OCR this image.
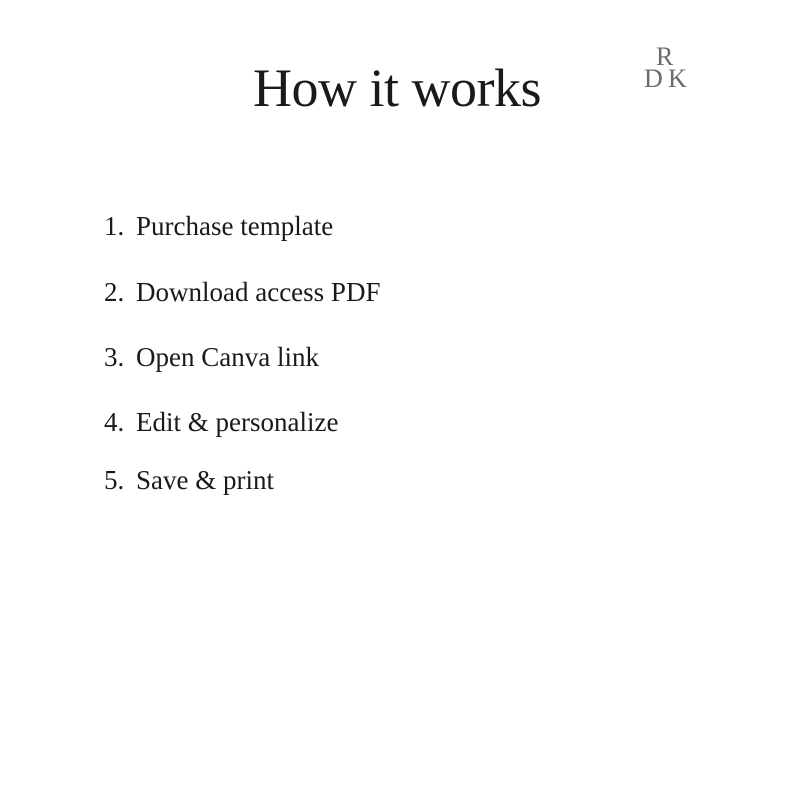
How it works
R
D K
1. Purchase template
2. Download access PDF
3. Open Canva link
4. Edit & personalize
5. Save & print
